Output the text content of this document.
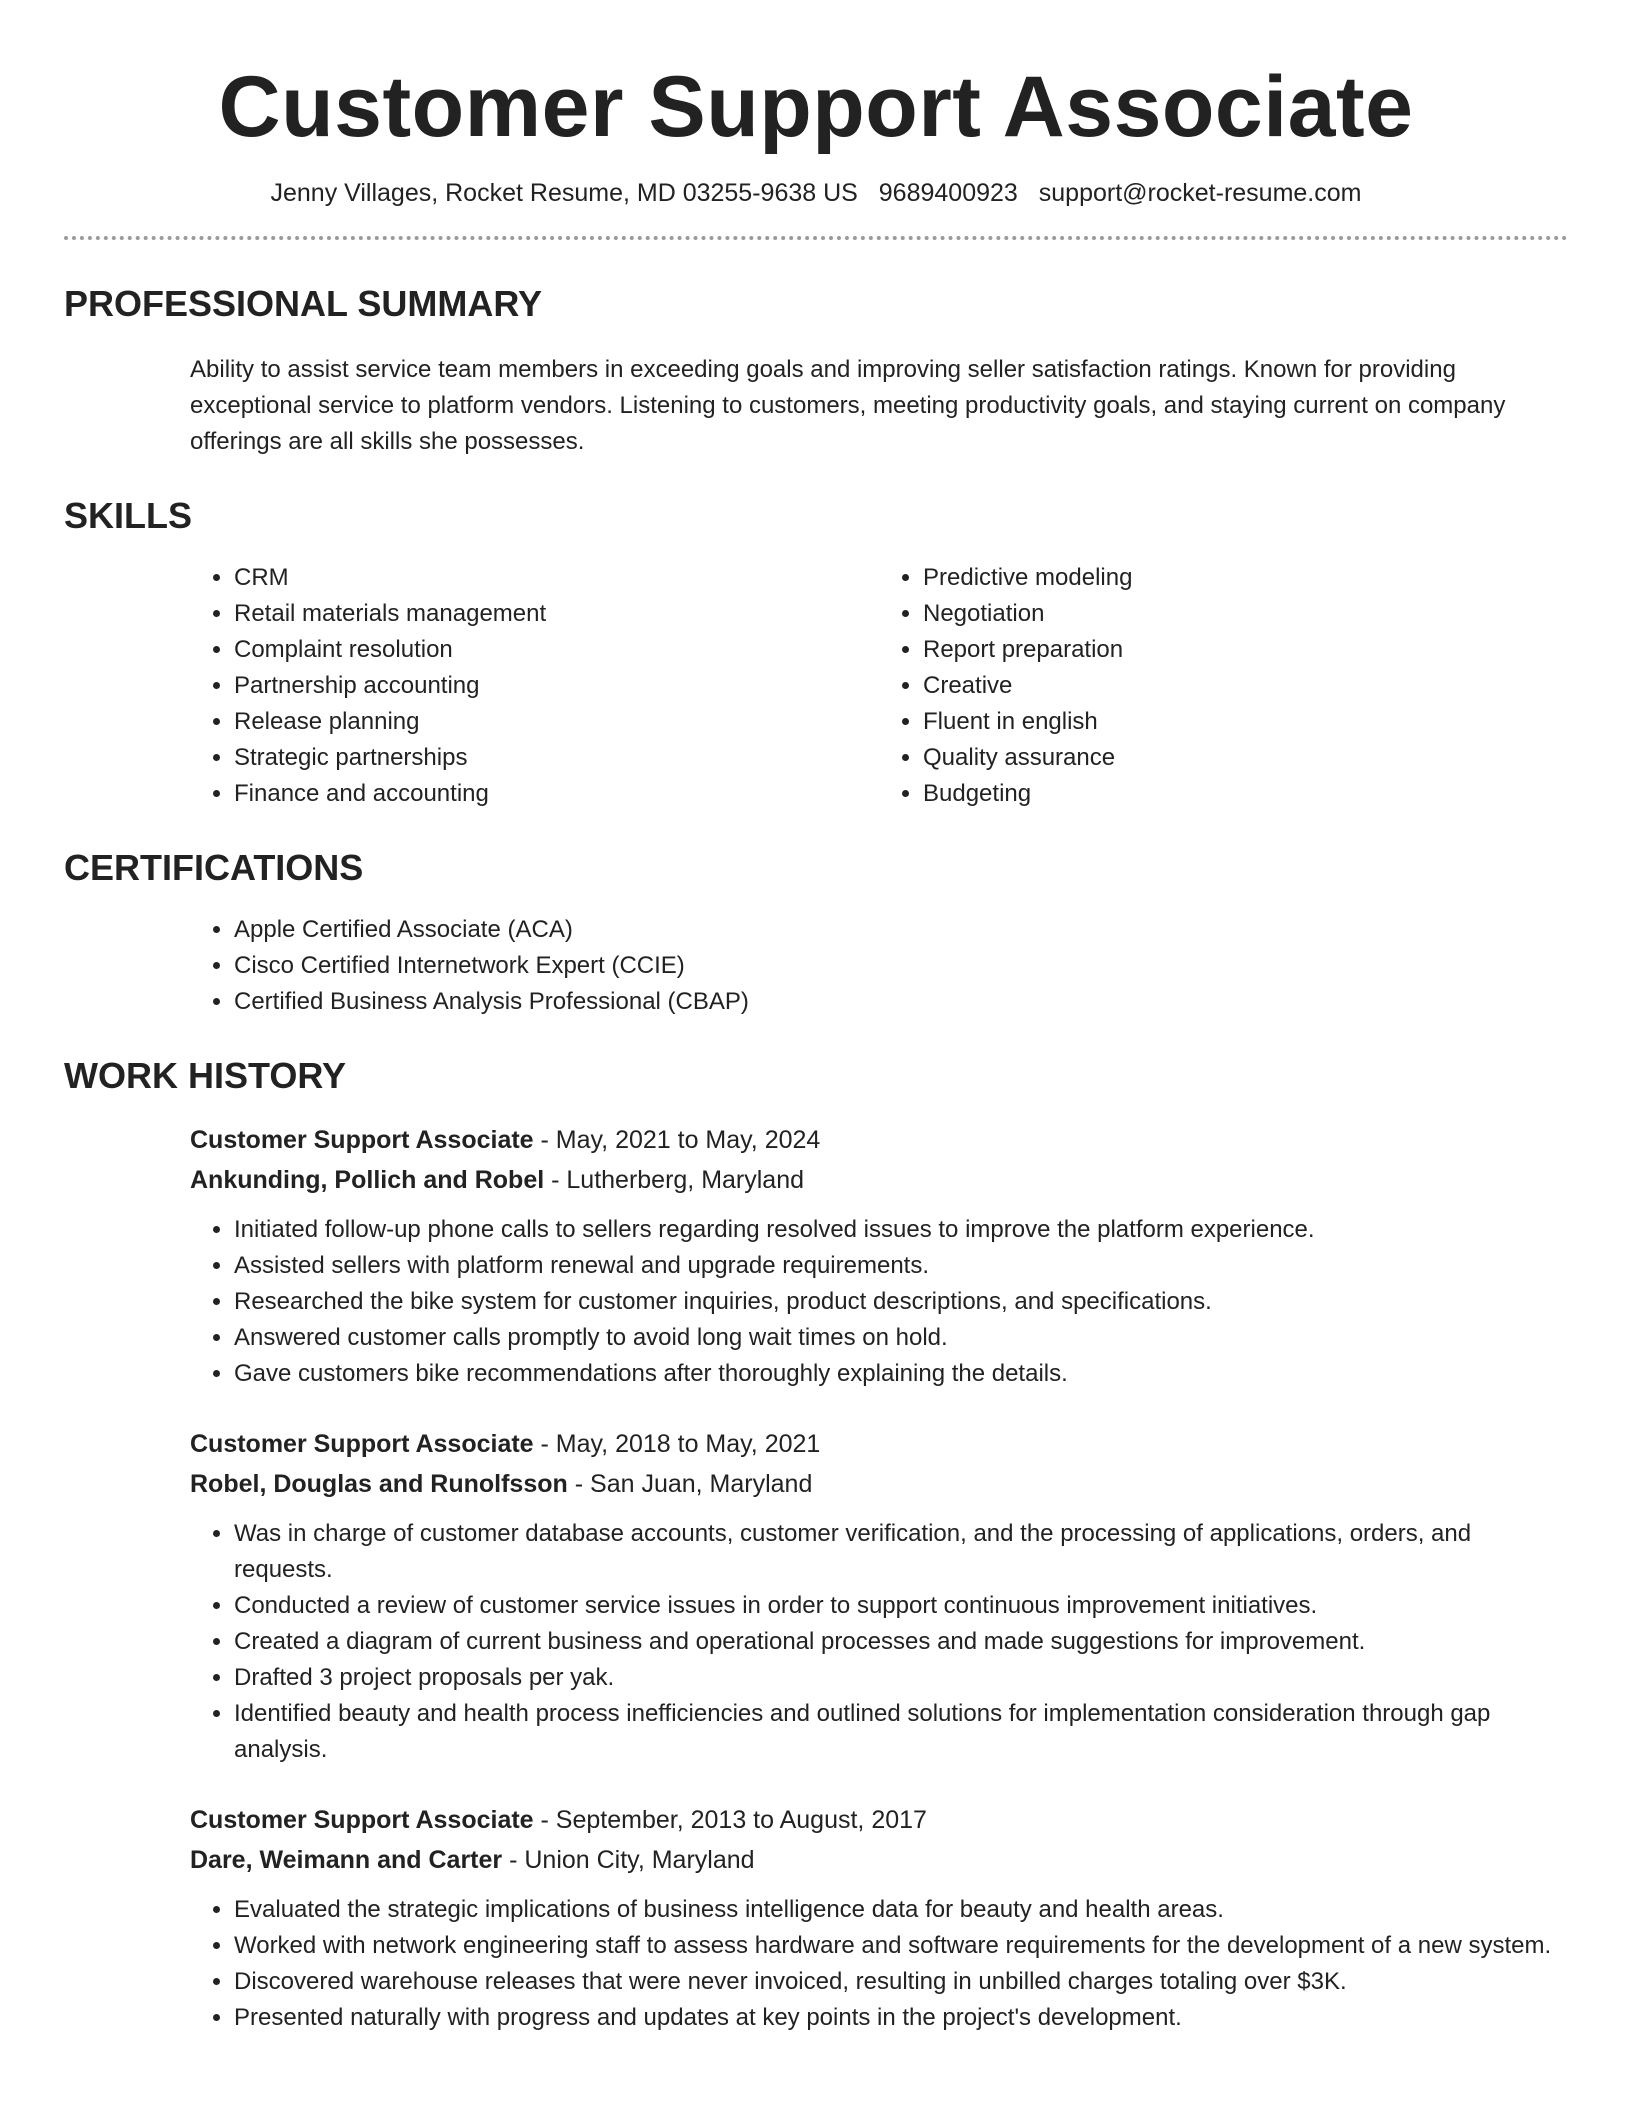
Customer Support Associate
Jenny Villages, Rocket Resume, MD 03255-9638 US 9689400923 support@rocket-resume.com
PROFESSIONAL SUMMARY

Ability to assist service team members in exceeding goals and improving seller satisfaction ratings. Known for providing exceptional service to platform vendors. Listening to customers, meeting productivity goals, and staying current on company offerings are all skills she possesses.

SKILLS
• CRM
• Retail materials management
• Complaint resolution
• Partnership accounting
• Release planning
• Strategic partnerships
• Finance and accounting
• Predictive modeling
• Negotiation
• Report preparation
• Creative
• Fluent in english
• Quality assurance
• Budgeting
CERTIFICATIONS
• Apple Certified Associate (ACA)
• Cisco Certified Internetwork Expert (CCIE)
• Certified Business Analysis Professional (CBAP)
WORK HISTORY
Customer Support Associate - May, 2021 to May, 2024
Ankunding, Pollich and Robel - Lutherberg, Maryland
• Initiated follow-up phone calls to sellers regarding resolved issues to improve the platform experience.
• Assisted sellers with platform renewal and upgrade requirements.
• Researched the bike system for customer inquiries, product descriptions, and specifications.
• Answered customer calls promptly to avoid long wait times on hold.
• Gave customers bike recommendations after thoroughly explaining the details.
Customer Support Associate - May, 2018 to May, 2021
Robel, Douglas and Runolfsson - San Juan, Maryland
• Was in charge of customer database accounts, customer verification, and the processing of applications, orders, and requests.
• Conducted a review of customer service issues in order to support continuous improvement initiatives.
• Created a diagram of current business and operational processes and made suggestions for improvement.
• Drafted 3 project proposals per yak.
• Identified beauty and health process inefficiencies and outlined solutions for implementation consideration through gap analysis.
Customer Support Associate - September, 2013 to August, 2017
Dare, Weimann and Carter - Union City, Maryland
• Evaluated the strategic implications of business intelligence data for beauty and health areas.
• Worked with network engineering staff to assess hardware and software requirements for the development of a new system.
• Discovered warehouse releases that were never invoiced, resulting in unbilled charges totaling over $3K.
• Presented naturally with progress and updates at key points in the project's development.
